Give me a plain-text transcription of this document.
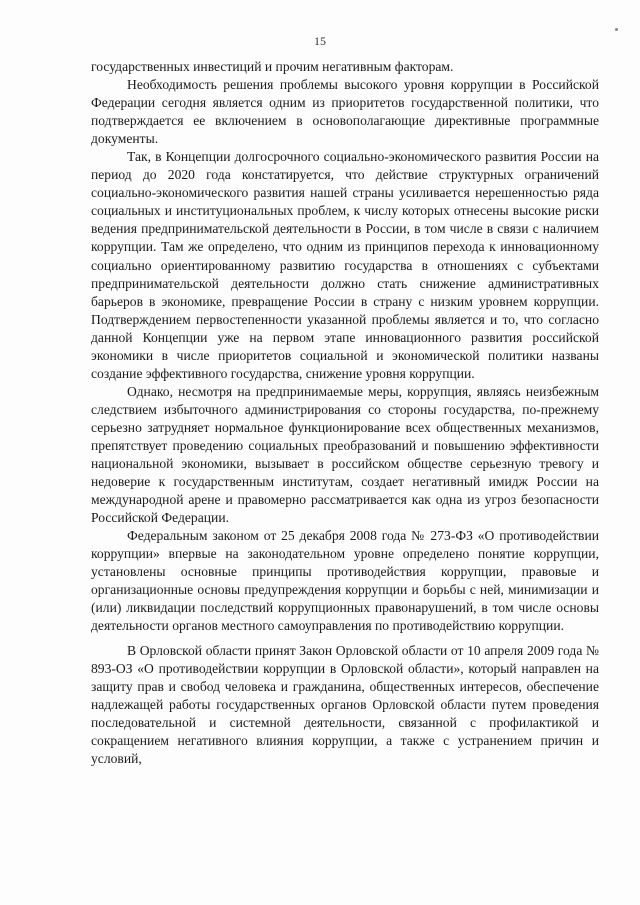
15

государственных инвестиций и прочим негативным факторам.

Необходимость решения проблемы высокого уровня коррупции в Российской Федерации сегодня является одним из приоритетов государственной политики, что подтверждается ее включением в основополагающие директивные программные документы.

Так, в Концепции долгосрочного социально-экономического развития России на период до 2020 года констатируется, что действие структурных ограничений социально-экономического развития нашей страны усиливается нерешенностью ряда социальных и институциональных проблем, к числу которых отнесены высокие риски ведения предпринимательской деятельности в России, в том числе в связи с наличием коррупции. Там же определено, что одним из принципов перехода к инновационному социально ориентированному развитию государства в отношениях с субъектами предпринимательской деятельности должно стать снижение административных барьеров в экономике, превращение России в страну с низким уровнем коррупции. Подтверждением первостепенности указанной проблемы является и то, что согласно данной Концепции уже на первом этапе инновационного развития российской экономики в числе приоритетов социальной и экономической политики названы создание эффективного государства, снижение уровня коррупции.

Однако, несмотря на предпринимаемые меры, коррупция, являясь неизбежным следствием избыточного администрирования со стороны государства, по-прежнему серьезно затрудняет нормальное функционирование всех общественных механизмов, препятствует проведению социальных преобразований и повышению эффективности национальной экономики, вызывает в российском обществе серьезную тревогу и недоверие к государственным институтам, создает негативный имидж России на международной арене и правомерно рассматривается как одна из угроз безопасности Российской Федерации.

Федеральным законом от 25 декабря 2008 года № 273-ФЗ «О противодействии коррупции» впервые на законодательном уровне определено понятие коррупции, установлены основные принципы противодействия коррупции, правовые и организационные основы предупреждения коррупции и борьбы с ней, минимизации и (или) ликвидации последствий коррупционных правонарушений, в том числе основы деятельности органов местного самоуправления по противодействию коррупции.

В Орловской области принят Закон Орловской области от 10 апреля 2009 года № 893-ОЗ «О противодействии коррупции в Орловской области», который направлен на защиту прав и свобод человека и гражданина, общественных интересов, обеспечение надлежащей работы государственных органов Орловской области путем проведения последовательной и системной деятельности, связанной с профилактикой и сокращением негативного влияния коррупции, а также с устранением причин и условий,
